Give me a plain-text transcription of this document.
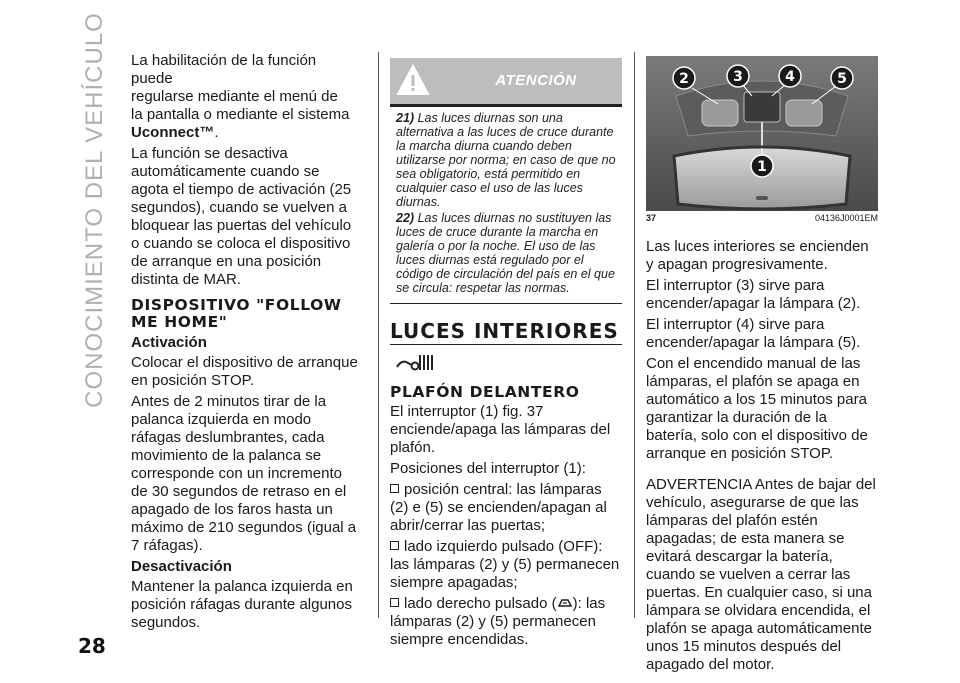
CONOCIMIENTO DEL VEHÍCULO La habilitación de la función puede
regularse mediante el menú de
la pantalla o mediante el sistema
Uconnect™.

La función se desactiva automáticamente cuando se agota el tiempo de activación (25 segundos), cuando se vuelven a bloquear las puertas del vehículo o cuando se coloca el dispositivo de arranque en una posición distinta de MAR.

DISPOSITIVO "FOLLOW ME HOME"
Activación

Colocar el dispositivo de arranque en posición STOP.

Antes de 2 minutos tirar de la palanca izquierda en modo ráfagas deslumbrantes, cada movimiento de la palanca se corresponde con un incremento de 30 segundos de retraso en el apagado de los faros hasta un máximo de 210 segundos (igual a 7 ráfagas).

Desactivación

Mantener la palanca izquierda en posición ráfagas durante algunos segundos.

ATENCIÓN

21) Las luces diurnas son una alternativa a las luces de cruce durante la marcha diurna cuando deben utilizarse por norma; en caso de que no sea obligatorio, está permitido en cualquier caso el uso de las luces diurnas.

22) Las luces diurnas no sustituyen las luces de cruce durante la marcha en galería o por la noche. El uso de las luces diurnas está regulado por el código de circulación del país en el que se circula: respetar las normas.

LUCES INTERIORES
PLAFÓN DELANTERO

El interruptor (1) fig. 37 enciende/apaga las lámparas del plafón.

Posiciones del interruptor (1):

posición central: las lámparas (2) e (5) se encienden/apagan al abrir/cerrar las puertas;

lado izquierdo pulsado (OFF): las lámparas (2) y (5) permanecen siempre apagadas;

lado derecho pulsado ( ): las lámparas (2) y (5) permanecen siempre encendidas.

2	3	4	5
1
37	04136J0001EM

Las luces interiores se encienden y apagan progresivamente.

El interruptor (3) sirve para encender/apagar la lámpara (2).

El interruptor (4) sirve para encender/apagar la lámpara (5).

Con el encendido manual de las lámparas, el plafón se apaga en automático a los 15 minutos para garantizar la duración de la batería, solo con el dispositivo de arranque en posición STOP.

ADVERTENCIA Antes de bajar del vehículo, asegurarse de que las lámparas del plafón estén apagadas; de esta manera se evitará descargar la batería, cuando se vuelven a cerrar las puertas. En cualquier caso, si una lámpara se olvidara encendida, el plafón se apaga automáticamente unos 15 minutos después del apagado del motor.

28
